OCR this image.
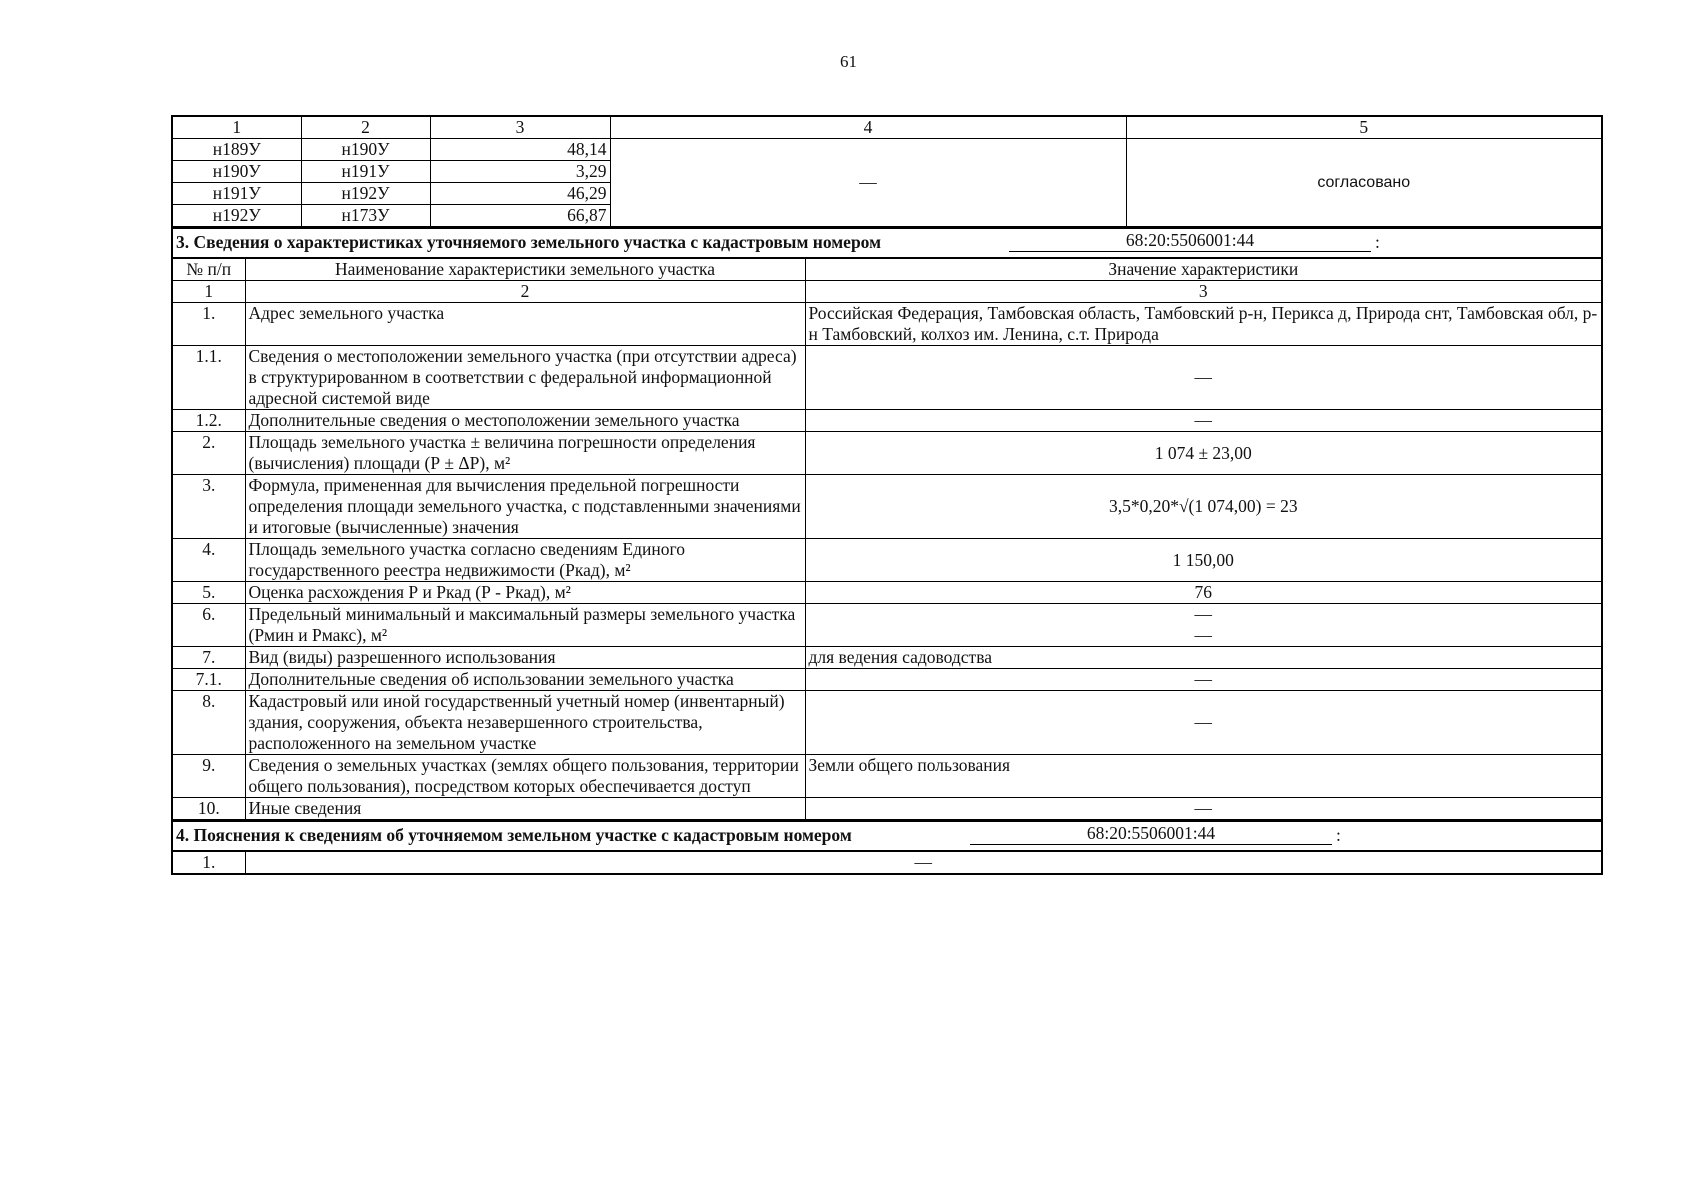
61
1	2	3	4	5
н189У	н190У	48,14	—	согласовано
н190У	н191У	3,29		
н191У	н192У	46,29		
н192У	н173У	66,87		
3. Сведения о характеристиках уточняемого земельного участка с кадастровым номером 68:20:5506001:44 :		

№ п/п	Наименование характеристики земельного участка	Значение характеристики
1	2	3
1.	Адрес земельного участка	Российская Федерация, Тамбовская область, Тамбовский р-н, Перикса д, Природа снт, Тамбовская обл, р-н Тамбовский, колхоз им. Ленина, с.т. Природа
1.1.	Сведения о местоположении земельного участка (при отсутствии адреса) в структурированном в соответствии с федеральной информационной адресной системой виде	—
1.2.	Дополнительные сведения о местоположении земельного участка	—
2.	Площадь земельного участка ± величина погрешности определения (вычисления) площади (Р ± ΔР), м²	1 074 ± 23,00
3.	Формула, примененная для вычисления предельной погрешности определения площади земельного участка, с подставленными значениями и итоговые (вычисленные) значения	3,5*0,20*√(1 074,00) = 23
4.	Площадь земельного участка согласно сведениям Единого государственного реестра недвижимости (Ркад), м²	1 150,00
5.	Оценка расхождения Р и Ркад (Р - Ркад), м²	76
6.	Предельный минимальный и максимальный размеры земельного участка (Рмин и Рмакс), м²	—
—

7.	Вид (виды) разрешенного использования	для ведения садоводства
7.1.	Дополнительные сведения об использовании земельного участка	—
8.	Кадастровый или иной государственный учетный номер (инвентарный) здания, сооружения, объекта незавершенного строительства, расположенного на земельном участке	—
9.	Сведения о земельных участках (землях общего пользования, территории общего пользования), посредством которых обеспечивается доступ	Земли общего пользования
10.	Иные сведения	—
4. Пояснения к сведениям об уточняемом земельном участке с кадастровым номером	68:20:5506001:44	:

1.	—
